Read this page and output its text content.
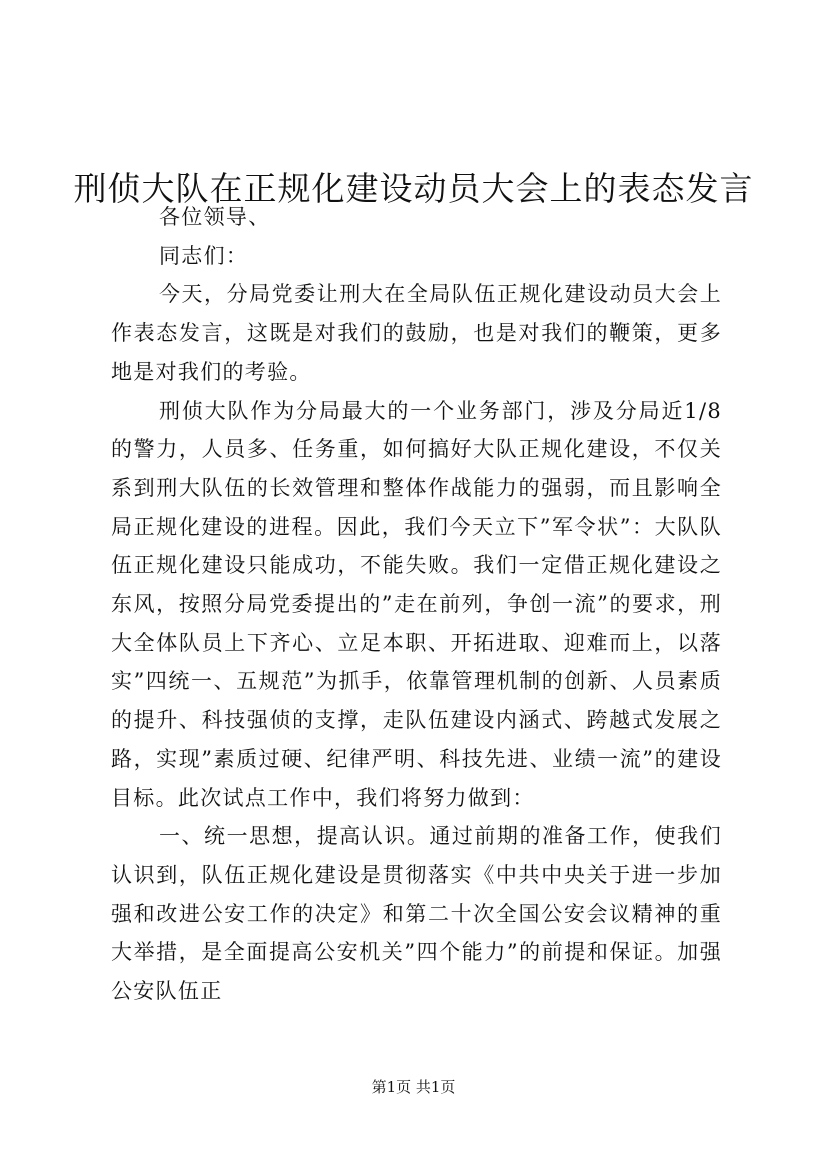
刑侦大队在正规化建设动员大会上的表态发言

各位领导、

同志们：

今天，分局党委让刑大在全局队伍正规化建设动员大会上作表态发言，这既是对我们的鼓励，也是对我们的鞭策，更多地是对我们的考验。

刑侦大队作为分局最大的一个业务部门，涉及分局近1/8的警力，人员多、任务重，如何搞好大队正规化建设，不仅关系到刑大队伍的长效管理和整体作战能力的强弱，而且影响全局正规化建设的进程。因此，我们今天立下”军令状”：大队队伍正规化建设只能成功，不能失败。我们一定借正规化建设之东风，按照分局党委提出的”走在前列，争创一流”的要求，刑大全体队员上下齐心、立足本职、开拓进取、迎难而上，以落实”四统一、五规范”为抓手，依靠管理机制的创新、人员素质的提升、科技强侦的支撑，走队伍建设内涵式、跨越式发展之路，实现”素质过硬、纪律严明、科技先进、业绩一流”的建设目标。此次试点工作中，我们将努力做到：

一、统一思想，提高认识。通过前期的准备工作，使我们认识到，队伍正规化建设是贯彻落实《中共中央关于进一步加强和改进公安工作的决定》和第二十次全国公安会议精神的重大举措，是全面提高公安机关”四个能力”的前提和保证。加强公安队伍正

第1页 共1页
